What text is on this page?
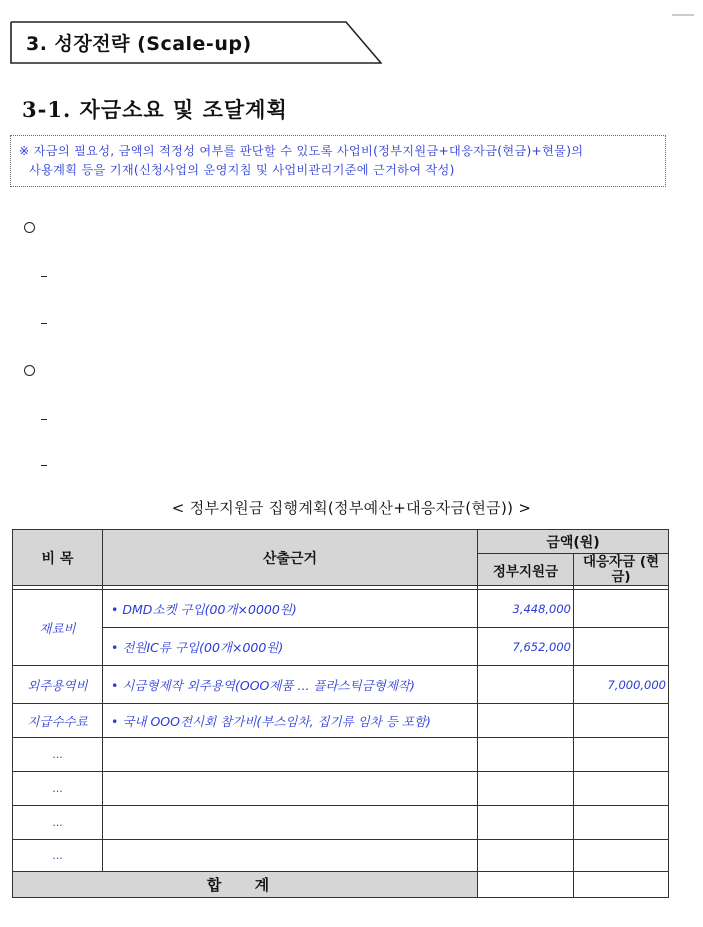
3. 성장전략 (Scale-up)
3-1. 자금소요 및 조달계획
※ 자금의 필요성, 금액의 적정성 여부를 판단할 수 있도록 사업비(정부지원금+대응자금(현금)+현물)의
사용계획 등을 기재(신청사업의 운영지침 및 사업비관리기준에 근거하여 작성)
< 정부지원금 집행계획(정부예산+대응자금(현금)) >
비 목	산출근거	금액(원)	
		정부지원금	대응자금 (현금)

재료비	• DMD소켓 구입(00개×0000원)	3,448,000	
	• 전원IC류 구입(00개×000원)	7,652,000	
외주용역비	• 시금형제작 외주용역(OOO제품 ... 플라스틱금형제작)		7,000,000
지급수수료	• 국내 OOO전시회 참가비(부스임차, 집기류 임차 등 포함)		
...			
...			
...			
...			
합 계			
